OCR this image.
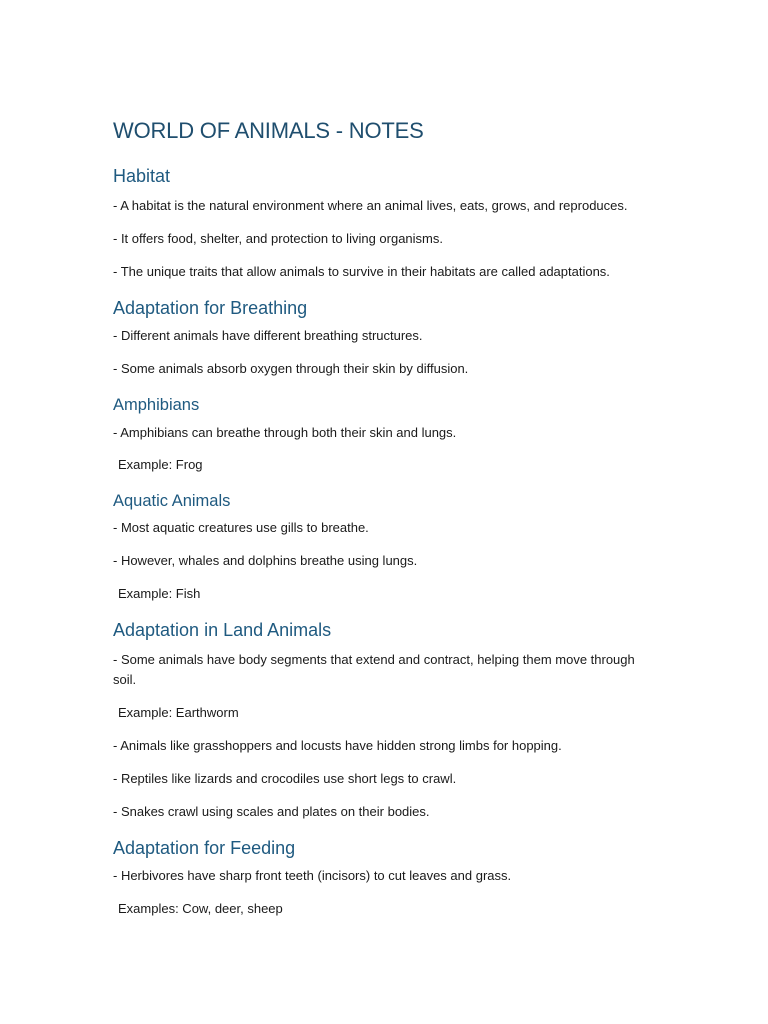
WORLD OF ANIMALS - NOTES
Habitat

- A habitat is the natural environment where an animal lives, eats, grows, and reproduces.

- It offers food, shelter, and protection to living organisms.

- The unique traits that allow animals to survive in their habitats are called adaptations.

Adaptation for Breathing

- Different animals have different breathing structures.

- Some animals absorb oxygen through their skin by diffusion.

Amphibians

- Amphibians can breathe through both their skin and lungs.

Example: Frog

Aquatic Animals

- Most aquatic creatures use gills to breathe.

- However, whales and dolphins breathe using lungs.

Example: Fish

Adaptation in Land Animals

- Some animals have body segments that extend and contract, helping them move through soil.

Example: Earthworm

- Animals like grasshoppers and locusts have hidden strong limbs for hopping.

- Reptiles like lizards and crocodiles use short legs to crawl.

- Snakes crawl using scales and plates on their bodies.

Adaptation for Feeding

- Herbivores have sharp front teeth (incisors) to cut leaves and grass.

Examples: Cow, deer, sheep
